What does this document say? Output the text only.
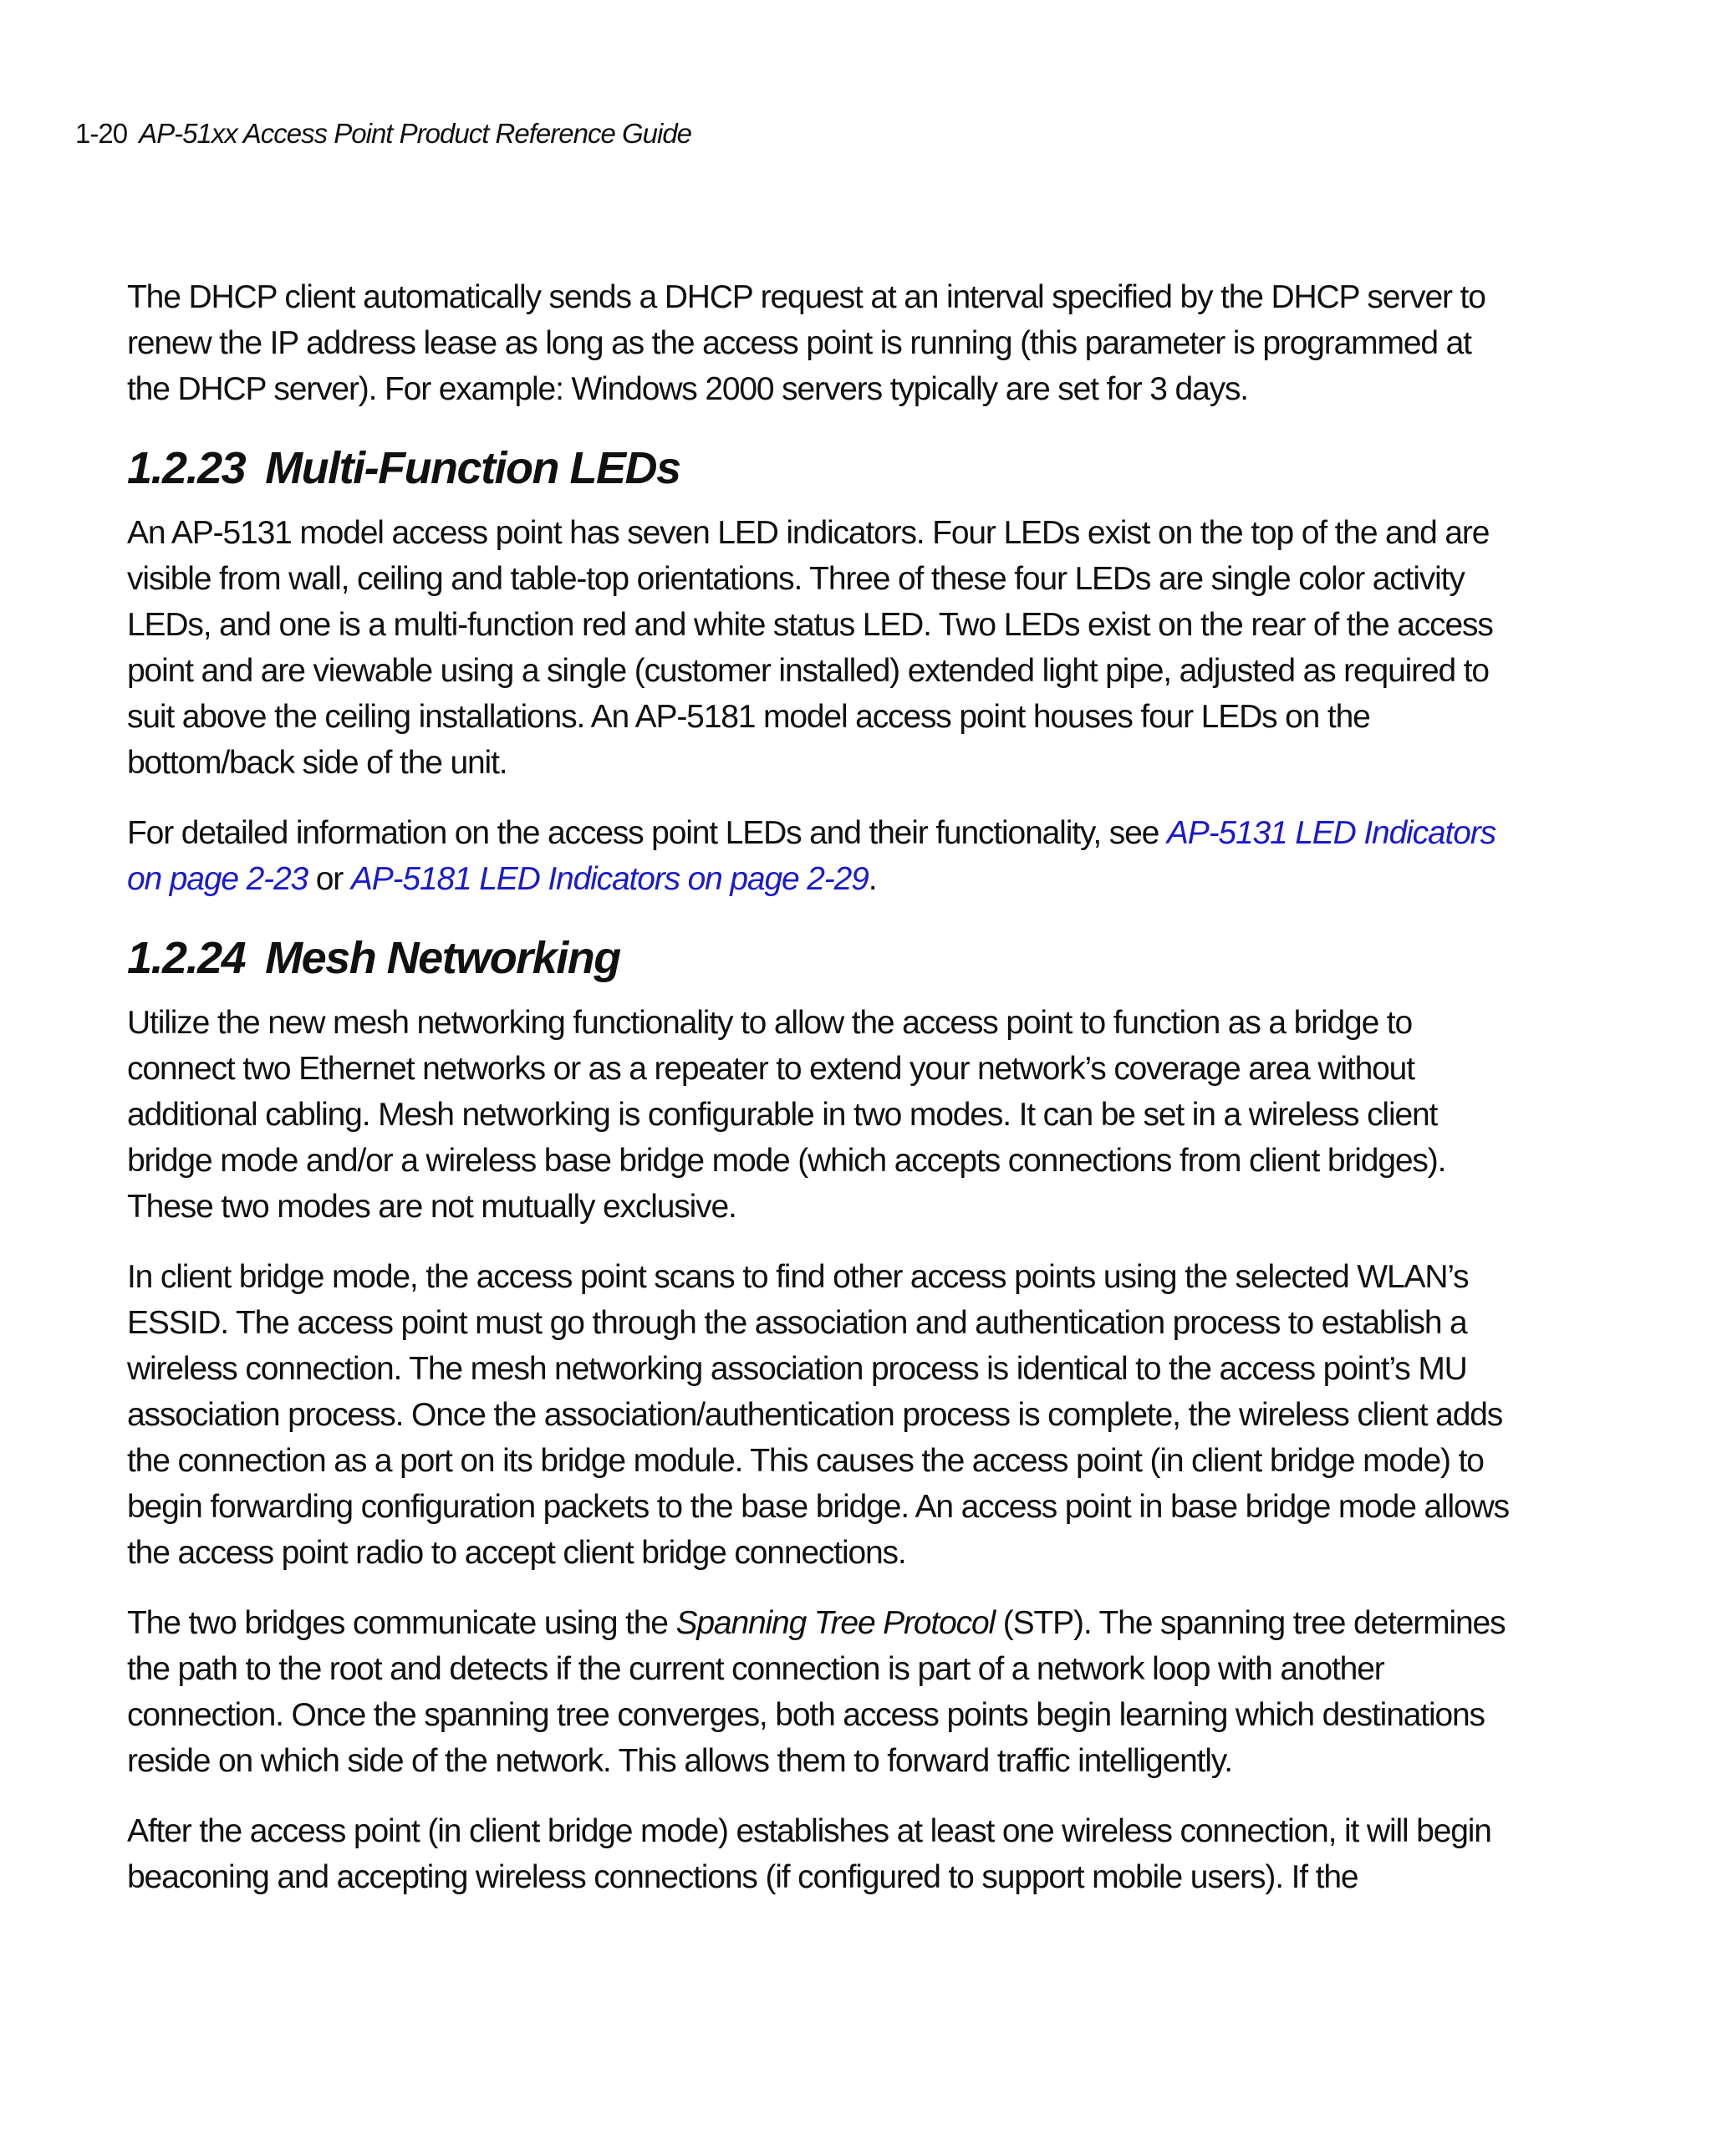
1-20 AP-51xx Access Point Product Reference Guide

The DHCP client automatically sends a DHCP request at an interval specified by the DHCP server to renew the IP address lease as long as the access point is running (this parameter is programmed at the DHCP server). For example: Windows 2000 servers typically are set for 3 days.

1.2.23 Multi-Function LEDs

An AP-5131 model access point has seven LED indicators. Four LEDs exist on the top of the and are visible from wall, ceiling and table-top orientations. Three of these four LEDs are single color activity LEDs, and one is a multi-function red and white status LED. Two LEDs exist on the rear of the access point and are viewable using a single (customer installed) extended light pipe, adjusted as required to suit above the ceiling installations. An AP-5181 model access point houses four LEDs on the bottom/back side of the unit.

For detailed information on the access point LEDs and their functionality, see AP-5131 LED Indicators on page 2-23 or AP-5181 LED Indicators on page 2-29.

1.2.24 Mesh Networking

Utilize the new mesh networking functionality to allow the access point to function as a bridge to connect two Ethernet networks or as a repeater to extend your network’s coverage area without additional cabling. Mesh networking is configurable in two modes. It can be set in a wireless client bridge mode and/or a wireless base bridge mode (which accepts connections from client bridges). These two modes are not mutually exclusive.

In client bridge mode, the access point scans to find other access points using the selected WLAN’s ESSID. The access point must go through the association and authentication process to establish a wireless connection. The mesh networking association process is identical to the access point’s MU association process. Once the association/authentication process is complete, the wireless client adds the connection as a port on its bridge module. This causes the access point (in client bridge mode) to begin forwarding configuration packets to the base bridge. An access point in base bridge mode allows the access point radio to accept client bridge connections.

The two bridges communicate using the Spanning Tree Protocol (STP). The spanning tree determines the path to the root and detects if the current connection is part of a network loop with another connection. Once the spanning tree converges, both access points begin learning which destinations reside on which side of the network. This allows them to forward traffic intelligently.

After the access point (in client bridge mode) establishes at least one wireless connection, it will begin beaconing and accepting wireless connections (if configured to support mobile users). If the
